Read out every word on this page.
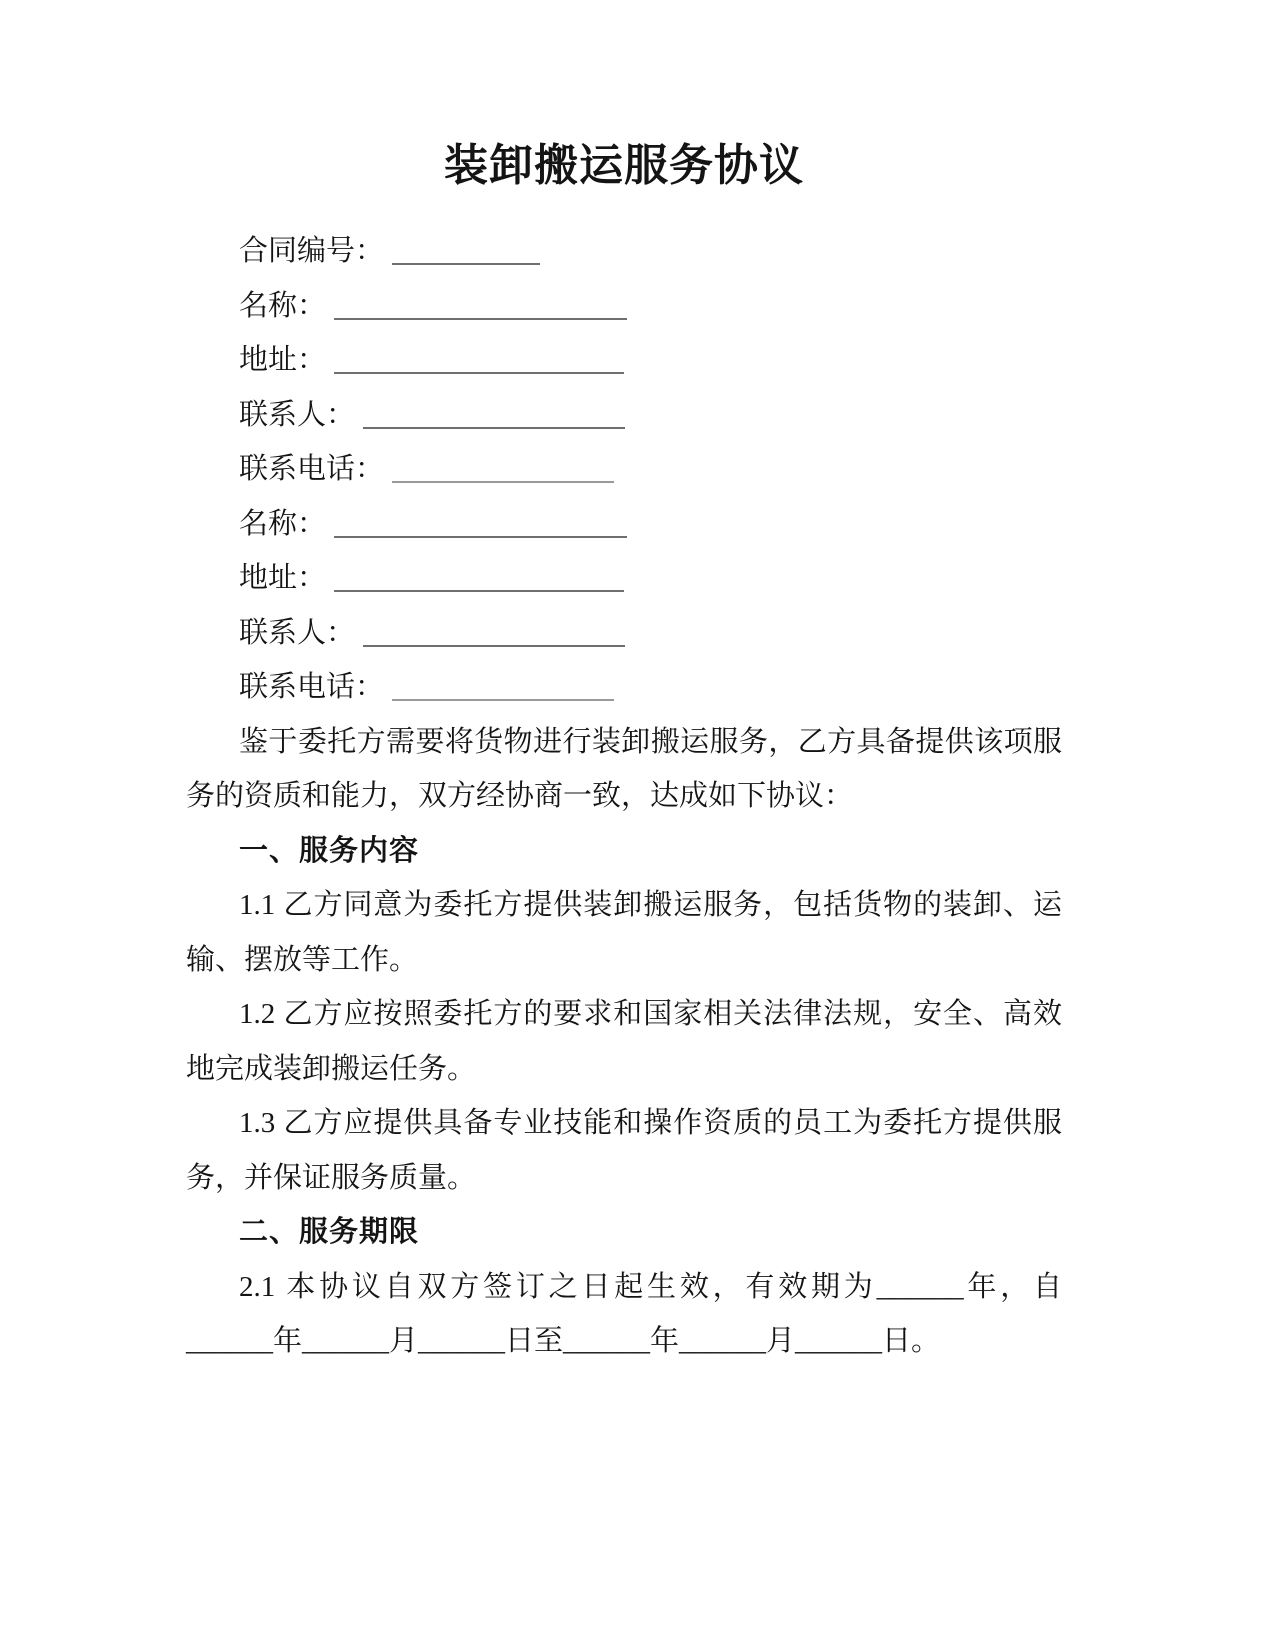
装卸搬运服务协议
合同编号：
名称：
地址：
联系人：
联系电话：
名称：
地址：
联系人：
联系电话：

鉴于委托方需要将货物进行装卸搬运服务，乙方具备提供该项服务的资质和能力，双方经协商一致，达成如下协议：

一、服务内容

1.1 乙方同意为委托方提供装卸搬运服务，包括货物的装卸、运输、摆放等工作。

1.2 乙方应按照委托方的要求和国家相关法律法规，安全、高效地完成装卸搬运任务。

1.3 乙方应提供具备专业技能和操作资质的员工为委托方提供服务，并保证服务质量。

二、服务期限

2.1 本协议自双方签订之日起生效，有效期为______年，自______年______月______日至______年______月______日。
